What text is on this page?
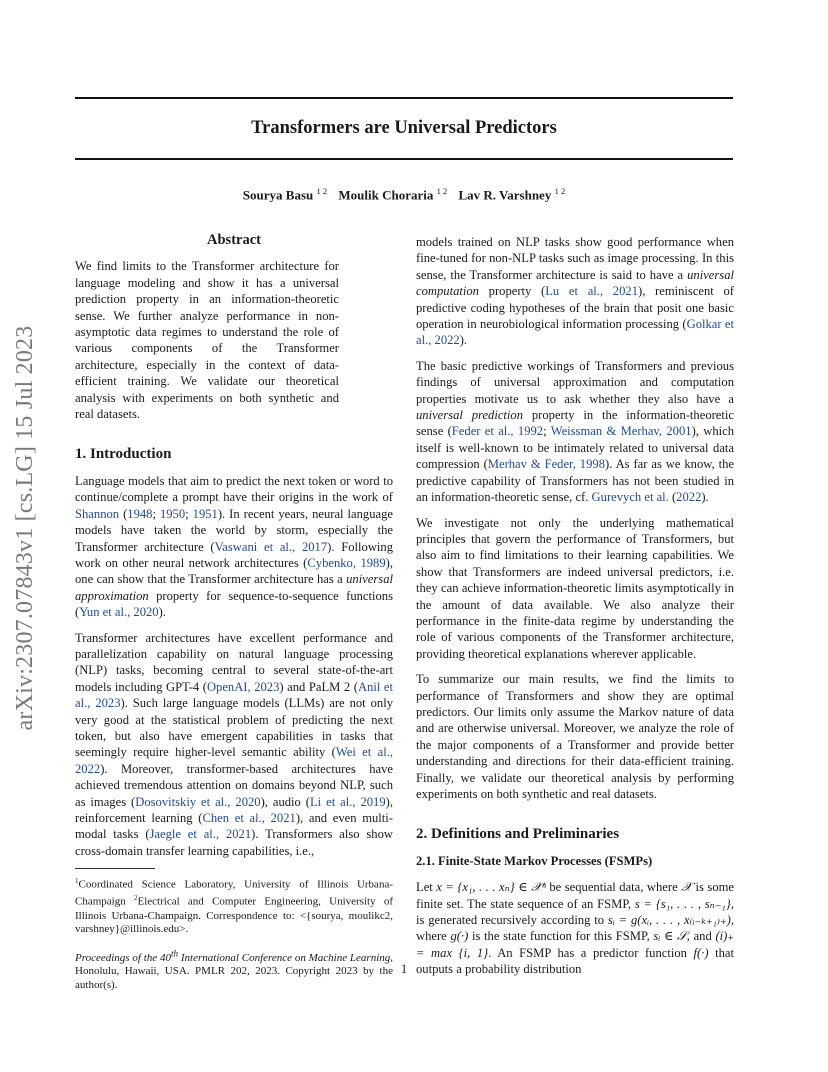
Transformers are Universal Predictors
Sourya Basu $^{1 2}$ Moulik Choraria $^{1 2}$ Lav R. Varshney $^{1 2}$
arXiv:2307.07843v1 [cs.LG] 15 Jul 2023
Abstract

We find limits to the Transformer architecture for language modeling and show it has a universal prediction property in an information-theoretic sense. We further analyze performance in non-asymptotic data regimes to understand the role of various components of the Transformer architecture, especially in the context of data-efficient training. We validate our theoretical analysis with experiments on both synthetic and real datasets.

1. Introduction

Language models that aim to predict the next token or word to continue/complete a prompt have their origins in the work of Shannon (1948; 1950; 1951). In recent years, neural language models have taken the world by storm, especially the Transformer architecture (Vaswani et al., 2017). Following work on other neural network architectures (Cybenko, 1989), one can show that the Transformer architecture has a universal approximation property for sequence-to-sequence functions (Yun et al., 2020).

Transformer architectures have excellent performance and parallelization capability on natural language processing (NLP) tasks, becoming central to several state-of-the-art models including GPT-4 (OpenAI, 2023) and PaLM 2 (Anil et al., 2023). Such large language models (LLMs) are not only very good at the statistical problem of predicting the next token, but also have emergent capabilities in tasks that seemingly require higher-level semantic ability (Wei et al., 2022). Moreover, transformer-based architectures have achieved tremendous attention on domains beyond NLP, such as images (Dosovitskiy et al., 2020), audio (Li et al., 2019), reinforcement learning (Chen et al., 2021), and even multi-modal tasks (Jaegle et al., 2021). Transformers also show cross-domain transfer learning capabilities, i.e.,

$^1$Coordinated Science Laboratory, University of Illinois Urbana-Champaign $^2$Electrical and Computer Engineering, University of Illinois Urbana-Champaign. Correspondence to: <{sourya, moulikc2, varshney}@illinois.edu>.
Proceedings of the 40th International Conference on Machine Learning, Honolulu, Hawaii, USA. PMLR 202, 2023. Copyright 2023 by the author(s).

models trained on NLP tasks show good performance when fine-tuned for non-NLP tasks such as image processing. In this sense, the Transformer architecture is said to have a universal computation property (Lu et al., 2021), reminiscent of predictive coding hypotheses of the brain that posit one basic operation in neurobiological information processing (Golkar et al., 2022).

The basic predictive workings of Transformers and previous findings of universal approximation and computation properties motivate us to ask whether they also have a universal prediction property in the information-theoretic sense (Feder et al., 1992; Weissman & Merhav, 2001), which itself is well-known to be intimately related to universal data compression (Merhav & Feder, 1998). As far as we know, the predictive capability of Transformers has not been studied in an information-theoretic sense, cf. Gurevych et al. (2022).

We investigate not only the underlying mathematical principles that govern the performance of Transformers, but also aim to find limitations to their learning capabilities. We show that Transformers are indeed universal predictors, i.e. they can achieve information-theoretic limits asymptotically in the amount of data available. We also analyze their performance in the finite-data regime by understanding the role of various components of the Transformer architecture, providing theoretical explanations wherever applicable.

To summarize our main results, we find the limits to performance of Transformers and show they are optimal predictors. Our limits only assume the Markov nature of data and are otherwise universal. Moreover, we analyze the role of the major components of a Transformer and provide better understanding and directions for their data-efficient training. Finally, we validate our theoretical analysis by performing experiments on both synthetic and real datasets.

2. Definitions and Preliminaries
2.1. Finite-State Markov Processes (FSMPs)

Let x = {x₁, . . . xₙ} ∈ 𝒳ⁿ be sequential data, where 𝒳 is some finite set. The state sequence of an FSMP, s = {s₁, . . . , sₙ₋₁}, is generated recursively according to sᵢ = g(xᵢ, . . . , x₍ᵢ₋ₖ₊₁₎₊), where g(·) is the state function for this FSMP, sᵢ ∈ 𝒮, and (i)₊ = max {i, 1}. An FSMP has a predictor function f(·) that outputs a probability distribution

1
